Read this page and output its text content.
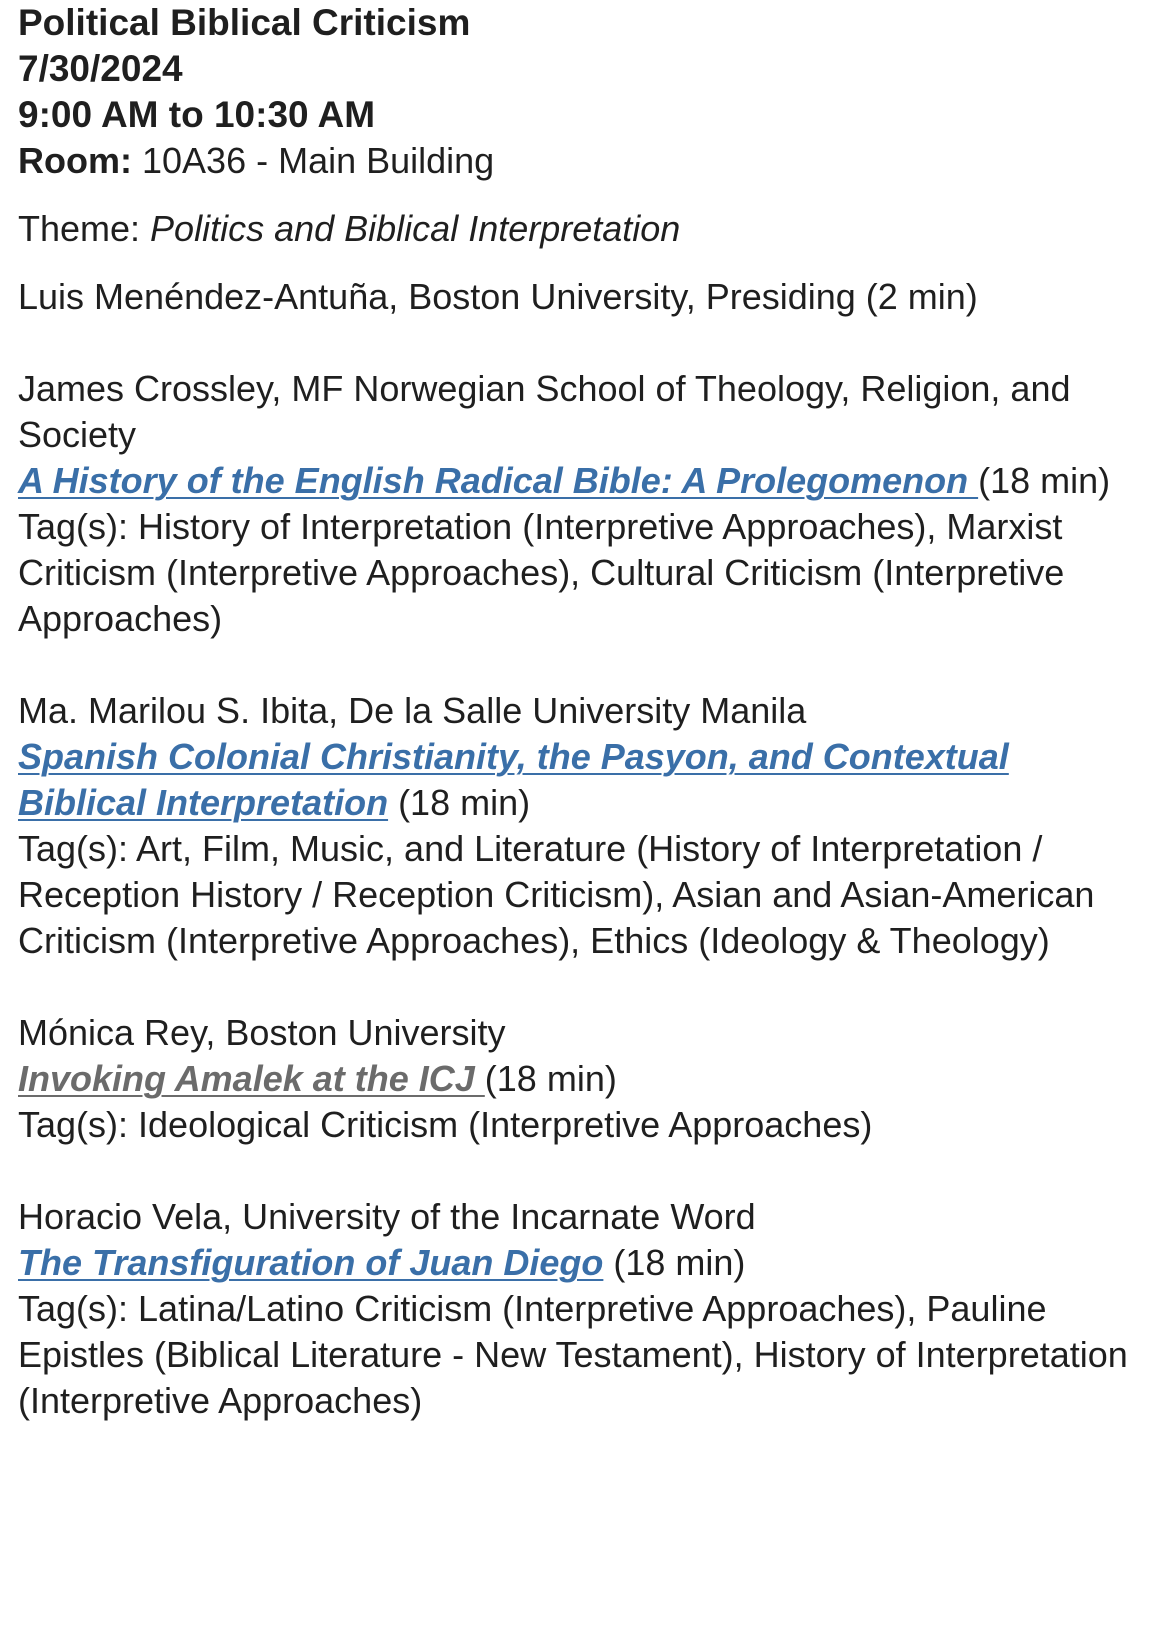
Political Biblical Criticism

7/30/2024

9:00 AM to 10:30 AM

Room: 10A36 - Main Building

Theme: Politics and Biblical Interpretation

Luis Menéndez-Antuña, Boston University, Presiding (2 min)

James Crossley, MF Norwegian School of Theology, Religion, and Society

A History of the English Radical Bible: A Prolegomenon (18 min)

Tag(s): History of Interpretation (Interpretive Approaches), Marxist Criticism (Interpretive Approaches), Cultural Criticism (Interpretive Approaches)

Ma. Marilou S. Ibita, De la Salle University Manila

Spanish Colonial Christianity, the Pasyon, and Contextual Biblical Interpretation (18 min)

Tag(s): Art, Film, Music, and Literature (History of Interpretation / Reception History / Reception Criticism), Asian and Asian-American Criticism (Interpretive Approaches), Ethics (Ideology & Theology)

Mónica Rey, Boston University

Invoking Amalek at the ICJ (18 min)

Tag(s): Ideological Criticism (Interpretive Approaches)

Horacio Vela, University of the Incarnate Word

The Transfiguration of Juan Diego (18 min)

Tag(s): Latina/Latino Criticism (Interpretive Approaches), Pauline Epistles (Biblical Literature - New Testament), History of Interpretation (Interpretive Approaches)
